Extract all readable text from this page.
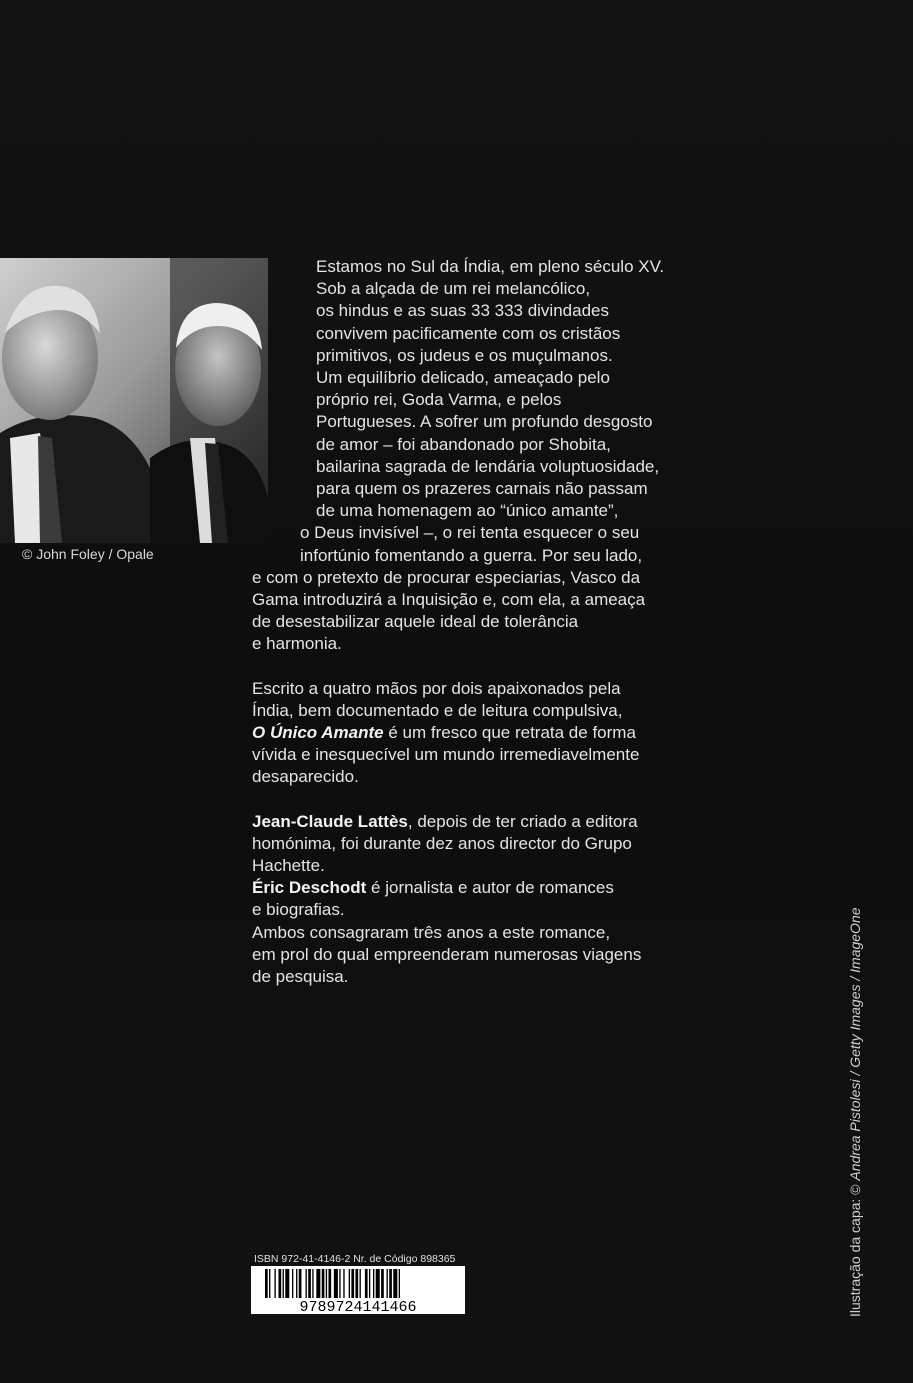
© John Foley / Opale
Estamos no Sul da Índia, em pleno século XV.
Sob a alçada de um rei melancólico,
os hindus e as suas 33 333 divindades
convivem pacificamente com os cristãos
primitivos, os judeus e os muçulmanos.
Um equilíbrio delicado, ameaçado pelo
próprio rei, Goda Varma, e pelos
Portugueses. A sofrer um profundo desgosto
de amor – foi abandonado por Shobita,
bailarina sagrada de lendária voluptuosidade,
para quem os prazeres carnais não passam
de uma homenagem ao “único amante”,
o Deus invisível –, o rei tenta esquecer o seu
infortúnio fomentando a guerra. Por seu lado,
e com o pretexto de procurar especiarias, Vasco da
Gama introduzirá a Inquisição e, com ela, a ameaça
de desestabilizar aquele ideal de tolerância
e harmonia.
Escrito a quatro mãos por dois apaixonados pela
Índia, bem documentado e de leitura compulsiva,
O Único Amante é um fresco que retrata de forma
vívida e inesquecível um mundo irremediavelmente
desaparecido.
Jean-Claude Lattès, depois de ter criado a editora
homónima, foi durante dez anos director do Grupo
Hachette.
Éric Deschodt é jornalista e autor de romances
e biografias.
Ambos consagraram três anos a este romance,
em prol do qual empreenderam numerosas viagens
de pesquisa.
ISBN 972-41-4146-2 Nr. de Código 898365
9789724141466	Ilustração da capa: © Andrea Pistolesi / Getty Images / ImageOne
